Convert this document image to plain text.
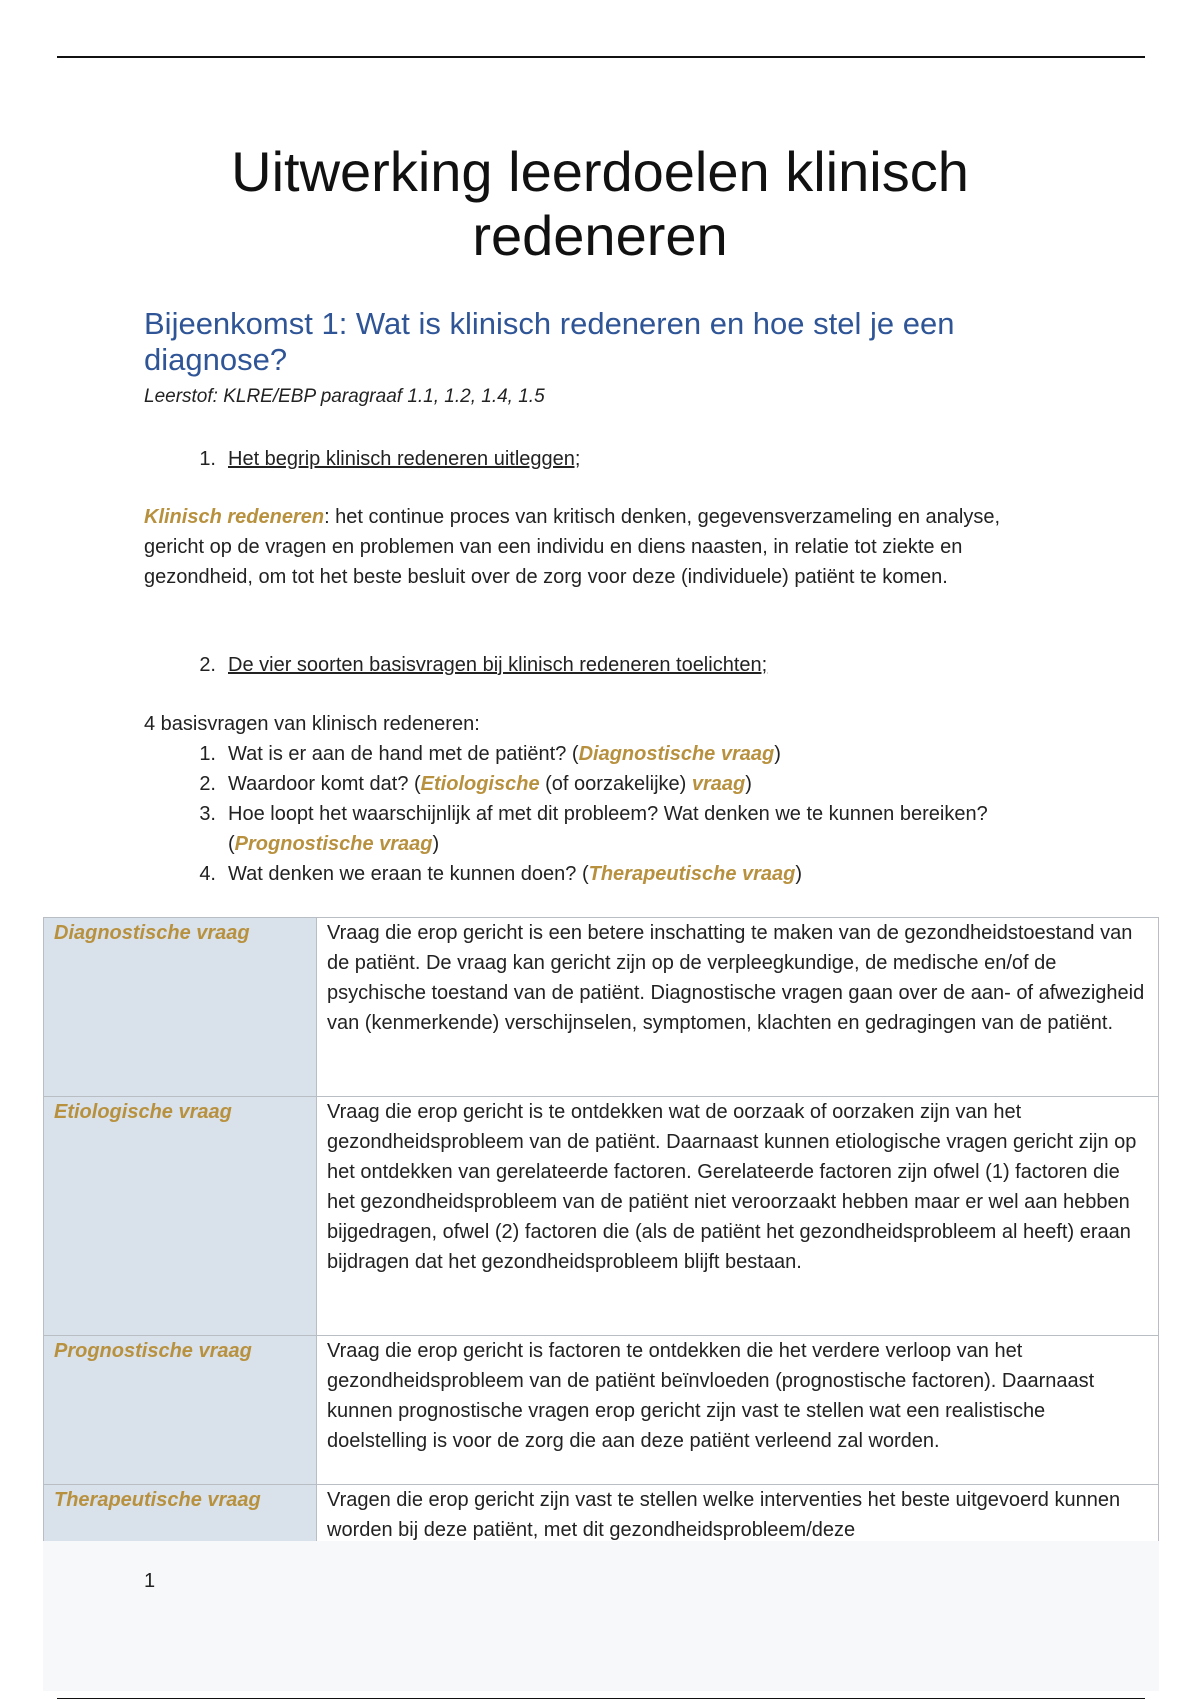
Uitwerking leerdoelen klinisch
redeneren
Bijeenkomst 1: Wat is klinisch redeneren en hoe stel je een diagnose?
Leerstof: KLRE/EBP paragraaf 1.1, 1.2, 1.4, 1.5
1. Het begrip klinisch redeneren uitleggen;
Klinisch redeneren: het continue proces van kritisch denken, gegevensverzameling en analyse, gericht op de vragen en problemen van een individu en diens naasten, in relatie tot ziekte en gezondheid, om tot het beste besluit over de zorg voor deze (individuele) patiënt te komen.
2. De vier soorten basisvragen bij klinisch redeneren toelichten;
4 basisvragen van klinisch redeneren:
1. Wat is er aan de hand met de patiënt? (Diagnostische vraag)
2. Waardoor komt dat? (Etiologische (of oorzakelijke) vraag)
3. Hoe loopt het waarschijnlijk af met dit probleem? Wat denken we te kunnen bereiken? (Prognostische vraag)
4. Wat denken we eraan te kunnen doen? (Therapeutische vraag)
Diagnostische vraag	Vraag die erop gericht is een betere inschatting te maken van de gezondheidstoestand van de patiënt. De vraag kan gericht zijn op de verpleegkundige, de medische en/of de psychische toestand van de patiënt. Diagnostische vragen gaan over de aan- of afwezigheid van (kenmerkende) verschijnselen, symptomen, klachten en gedragingen van de patiënt.
Etiologische vraag	Vraag die erop gericht is te ontdekken wat de oorzaak of oorzaken zijn van het gezondheidsprobleem van de patiënt. Daarnaast kunnen etiologische vragen gericht zijn op het ontdekken van gerelateerde factoren. Gerelateerde factoren zijn ofwel (1) factoren die het gezondheidsprobleem van de patiënt niet veroorzaakt hebben maar er wel aan hebben bijgedragen, ofwel (2) factoren die (als de patiënt het gezondheidsprobleem al heeft) eraan bijdragen dat het gezondheidsprobleem blijft bestaan.
Prognostische vraag	Vraag die erop gericht is factoren te ontdekken die het verdere verloop van het gezondheidsprobleem van de patiënt beïnvloeden (prognostische factoren). Daarnaast kunnen prognostische vragen erop gericht zijn vast te stellen wat een realistische doelstelling is voor de zorg die aan deze patiënt verleend zal worden.
Therapeutische vraag	Vragen die erop gericht zijn vast te stellen welke interventies het beste uitgevoerd kunnen worden bij deze patiënt, met dit gezondheidsprobleem/deze
1
